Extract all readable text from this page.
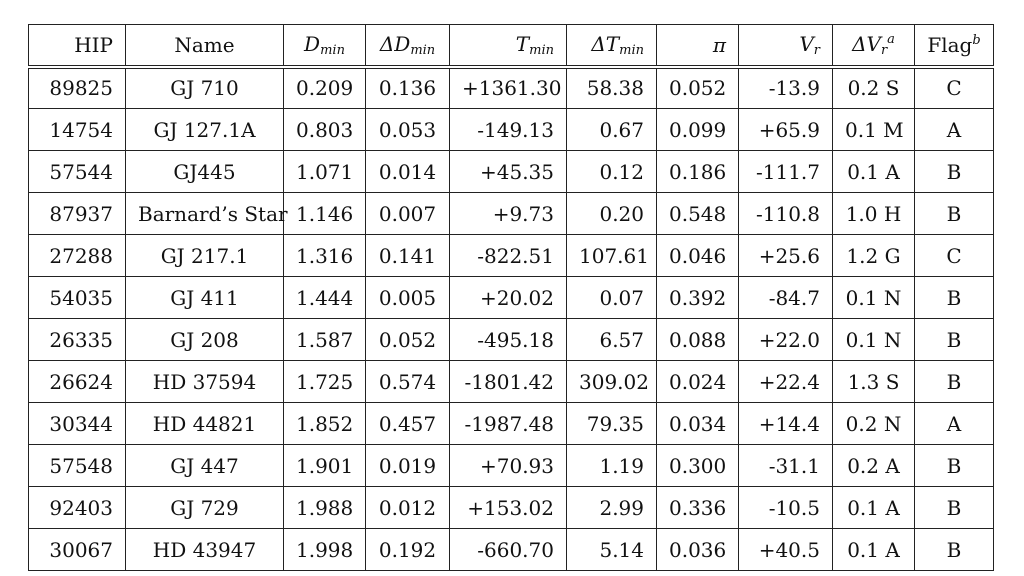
HIP	Name	$D_{min}$	$\Delta D_{min}$	$T_{min}$	$\Delta T_{min}$	π	$V_r$	$\Delta V_r^a$	Flag$^b$
89825	GJ 710	0.209	0.136	+1361.30	58.38	0.052	-13.9	0.2 S	C
14754	GJ 127.1A	0.803	0.053	-149.13	0.67	0.099	+65.9	0.1 M	A
57544	GJ445	1.071	0.014	+45.35	0.12	0.186	-111.7	0.1 A	B
87937	Barnard’s Star	1.146	0.007	+9.73	0.20	0.548	-110.8	1.0 H	B
27288	GJ 217.1	1.316	0.141	-822.51	107.61	0.046	+25.6	1.2 G	C
54035	GJ 411	1.444	0.005	+20.02	0.07	0.392	-84.7	0.1 N	B
26335	GJ 208	1.587	0.052	-495.18	6.57	0.088	+22.0	0.1 N	B
26624	HD 37594	1.725	0.574	-1801.42	309.02	0.024	+22.4	1.3 S	B
30344	HD 44821	1.852	0.457	-1987.48	79.35	0.034	+14.4	0.2 N	A
57548	GJ 447	1.901	0.019	+70.93	1.19	0.300	-31.1	0.2 A	B
92403	GJ 729	1.988	0.012	+153.02	2.99	0.336	-10.5	0.1 A	B
30067	HD 43947	1.998	0.192	-660.70	5.14	0.036	+40.5	0.1 A	B
